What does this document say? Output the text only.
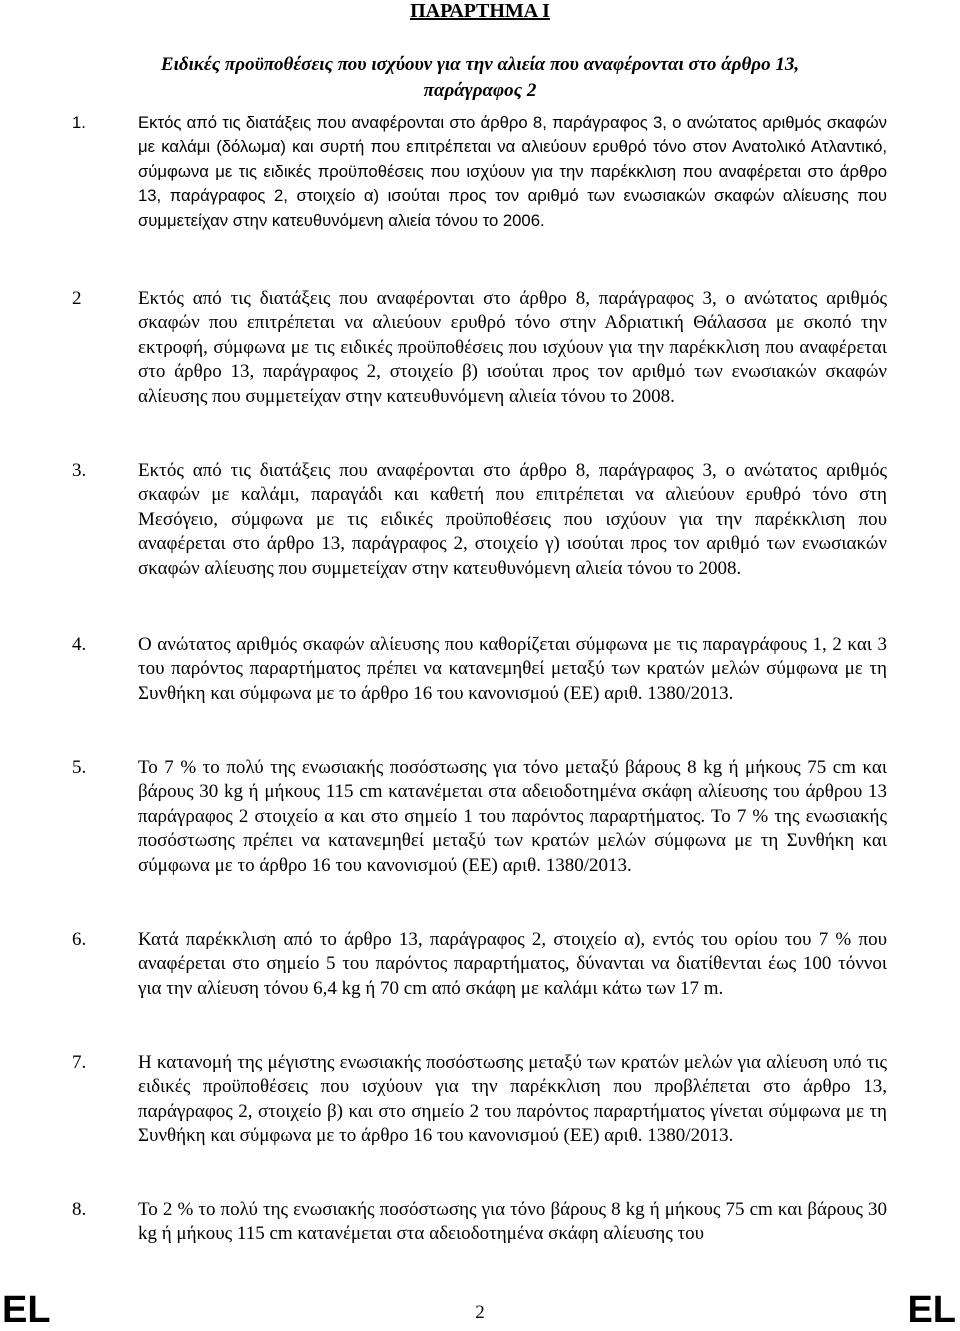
ΠΑΡΑΡΤΗΜΑ I
Ειδικές προϋποθέσεις που ισχύουν για την αλιεία που αναφέρονται στο άρθρο 13, παράγραφος 2
1.	Εκτός από τις διατάξεις που αναφέρονται στο άρθρο 8, παράγραφος 3, ο ανώτατος αριθμός σκαφών με καλάμι (δόλωμα) και συρτή που επιτρέπεται να αλιεύουν ερυθρό τόνο στον Ανατολικό Ατλαντικό, σύμφωνα με τις ειδικές προϋποθέσεις που ισχύουν για την παρέκκλιση που αναφέρεται στο άρθρο 13, παράγραφος 2, στοιχείο α) ισούται προς τον αριθμό των ενωσιακών σκαφών αλίευσης που συμμετείχαν στην κατευθυνόμενη αλιεία τόνου το 2006.
2	Εκτός από τις διατάξεις που αναφέρονται στο άρθρο 8, παράγραφος 3, ο ανώτατος αριθμός σκαφών που επιτρέπεται να αλιεύουν ερυθρό τόνο στην Αδριατική Θάλασσα με σκοπό την εκτροφή, σύμφωνα με τις ειδικές προϋποθέσεις που ισχύουν για την παρέκκλιση που αναφέρεται στο άρθρο 13, παράγραφος 2, στοιχείο β) ισούται προς τον αριθμό των ενωσιακών σκαφών αλίευσης που συμμετείχαν στην κατευθυνόμενη αλιεία τόνου το 2008.
3.	Εκτός από τις διατάξεις που αναφέρονται στο άρθρο 8, παράγραφος 3, ο ανώτατος αριθμός σκαφών με καλάμι, παραγάδι και καθετή που επιτρέπεται να αλιεύουν ερυθρό τόνο στη Μεσόγειο, σύμφωνα με τις ειδικές προϋποθέσεις που ισχύουν για την παρέκκλιση που αναφέρεται στο άρθρο 13, παράγραφος 2, στοιχείο γ) ισούται προς τον αριθμό των ενωσιακών σκαφών αλίευσης που συμμετείχαν στην κατευθυνόμενη αλιεία τόνου το 2008.
4.	Ο ανώτατος αριθμός σκαφών αλίευσης που καθορίζεται σύμφωνα με τις παραγράφους 1, 2 και 3 του παρόντος παραρτήματος πρέπει να κατανεμηθεί μεταξύ των κρατών μελών σύμφωνα με τη Συνθήκη και σύμφωνα με το άρθρο 16 του κανονισμού (ΕΕ) αριθ. 1380/2013.
5.	Το 7 % το πολύ της ενωσιακής ποσόστωσης για τόνο μεταξύ βάρους 8 kg ή μήκους 75 cm και βάρους 30 kg ή μήκους 115 cm κατανέμεται στα αδειοδοτημένα σκάφη αλίευσης του άρθρου 13 παράγραφος 2 στοιχείο α και στο σημείο 1 του παρόντος παραρτήματος. Το 7 % της ενωσιακής ποσόστωσης πρέπει να κατανεμηθεί μεταξύ των κρατών μελών σύμφωνα με τη Συνθήκη και σύμφωνα με το άρθρο 16 του κανονισμού (ΕΕ) αριθ. 1380/2013.
6.	Κατά παρέκκλιση από το άρθρο 13, παράγραφος 2, στοιχείο α), εντός του ορίου του 7 % που αναφέρεται στο σημείο 5 του παρόντος παραρτήματος, δύνανται να διατίθενται έως 100 τόννοι για την αλίευση τόνου 6,4 kg ή 70 cm από σκάφη με καλάμι κάτω των 17 m.
7.	Η κατανομή της μέγιστης ενωσιακής ποσόστωσης μεταξύ των κρατών μελών για αλίευση υπό τις ειδικές προϋποθέσεις που ισχύουν για την παρέκκλιση που προβλέπεται στο άρθρο 13, παράγραφος 2, στοιχείο β) και στο σημείο 2 του παρόντος παραρτήματος γίνεται σύμφωνα με τη Συνθήκη και σύμφωνα με το άρθρο 16 του κανονισμού (ΕΕ) αριθ. 1380/2013.
8.	Το 2 % το πολύ της ενωσιακής ποσόστωσης για τόνο βάρους 8 kg ή μήκους 75 cm και βάρους 30 kg ή μήκους 115 cm κατανέμεται στα αδειοδοτημένα σκάφη αλίευσης του
EL	2	EL
